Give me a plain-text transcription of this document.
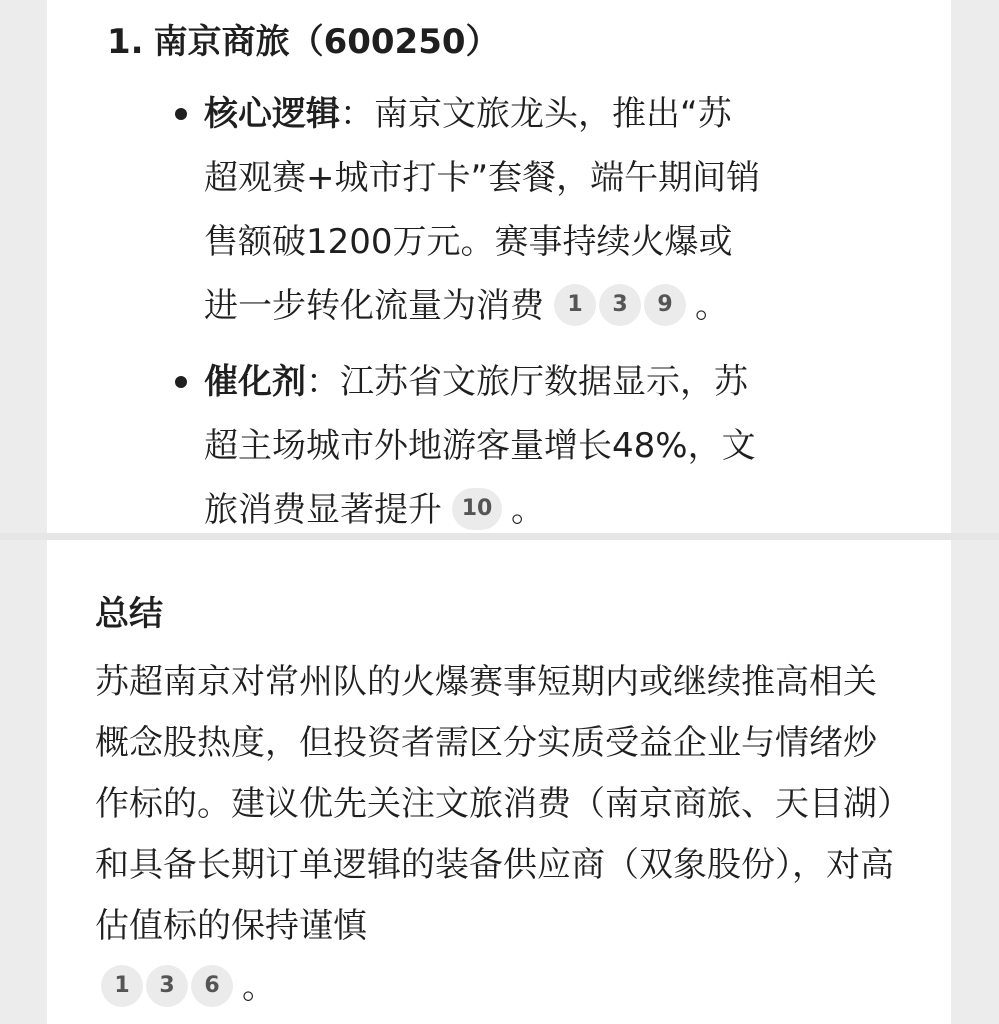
1. 南京商旅（600250）
核心逻辑：南京文旅龙头，推出“苏超观赛+城市打卡”套餐，端午期间销售额破1200万元。赛事持续火爆或进一步转化流量为消费 1 3 9 。
催化剂：江苏省文旅厅数据显示，苏超主场城市外地游客量增长48%，文旅消费显著提升 10 。
总结
苏超南京对常州队的火爆赛事短期内或继续推高相关概念股热度，但投资者需区分实质受益企业与情绪炒作标的。建议优先关注文旅消费（南京商旅、天目湖）和具备长期订单逻辑的装备供应商（双象股份），对高估值标的保持谨慎
1 3 6 。
